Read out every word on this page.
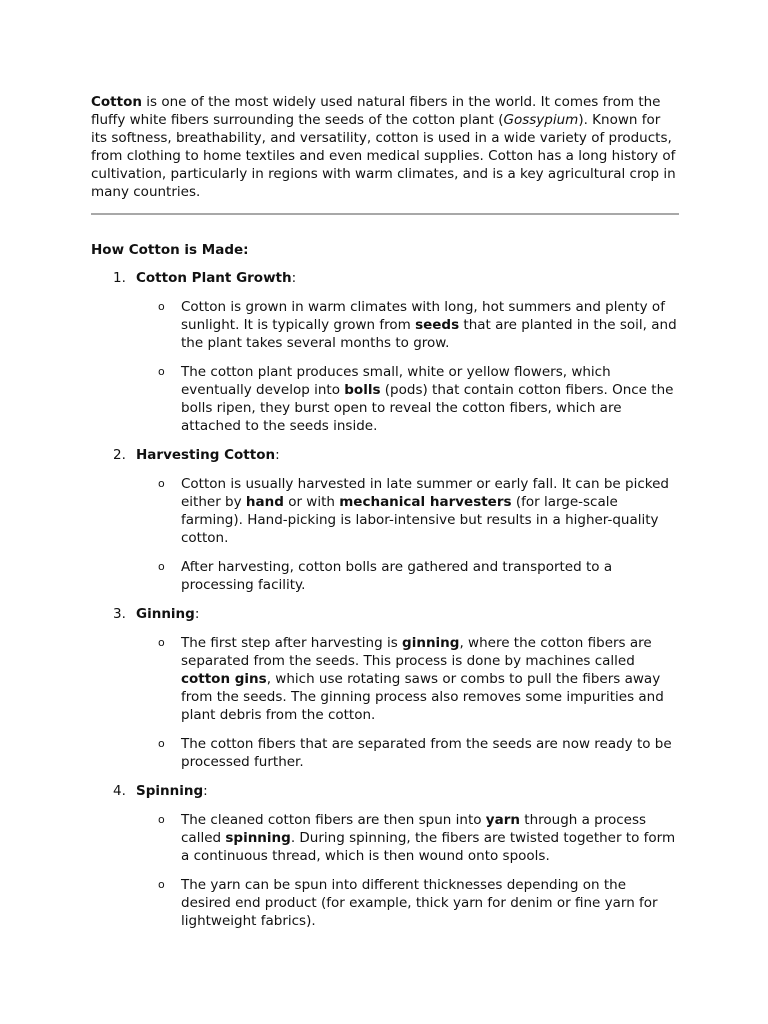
Cotton is one of the most widely used natural fibers in the world. It comes from the fluffy white fibers surrounding the seeds of the cotton plant (Gossypium). Known for its softness, breathability, and versatility, cotton is used in a wide variety of products, from clothing to home textiles and even medical supplies. Cotton has a long history of cultivation, particularly in regions with warm climates, and is a key agricultural crop in many countries.

How Cotton is Made:

1. Cotton Plant Growth:
o Cotton is grown in warm climates with long, hot summers and plenty of sunlight. It is typically grown from seeds that are planted in the soil, and the plant takes several months to grow.
o The cotton plant produces small, white or yellow flowers, which eventually develop into bolls (pods) that contain cotton fibers. Once the bolls ripen, they burst open to reveal the cotton fibers, which are attached to the seeds inside.
2. Harvesting Cotton:
o Cotton is usually harvested in late summer or early fall. It can be picked either by hand or with mechanical harvesters (for large-scale farming). Hand-picking is labor-intensive but results in a higher-quality cotton.
o After harvesting, cotton bolls are gathered and transported to a processing facility.
3. Ginning:
o The first step after harvesting is ginning, where the cotton fibers are separated from the seeds. This process is done by machines called cotton gins, which use rotating saws or combs to pull the fibers away from the seeds. The ginning process also removes some impurities and plant debris from the cotton.
o The cotton fibers that are separated from the seeds are now ready to be processed further.
4. Spinning:
o The cleaned cotton fibers are then spun into yarn through a process called spinning. During spinning, the fibers are twisted together to form a continuous thread, which is then wound onto spools.
o The yarn can be spun into different thicknesses depending on the desired end product (for example, thick yarn for denim or fine yarn for lightweight fabrics).
